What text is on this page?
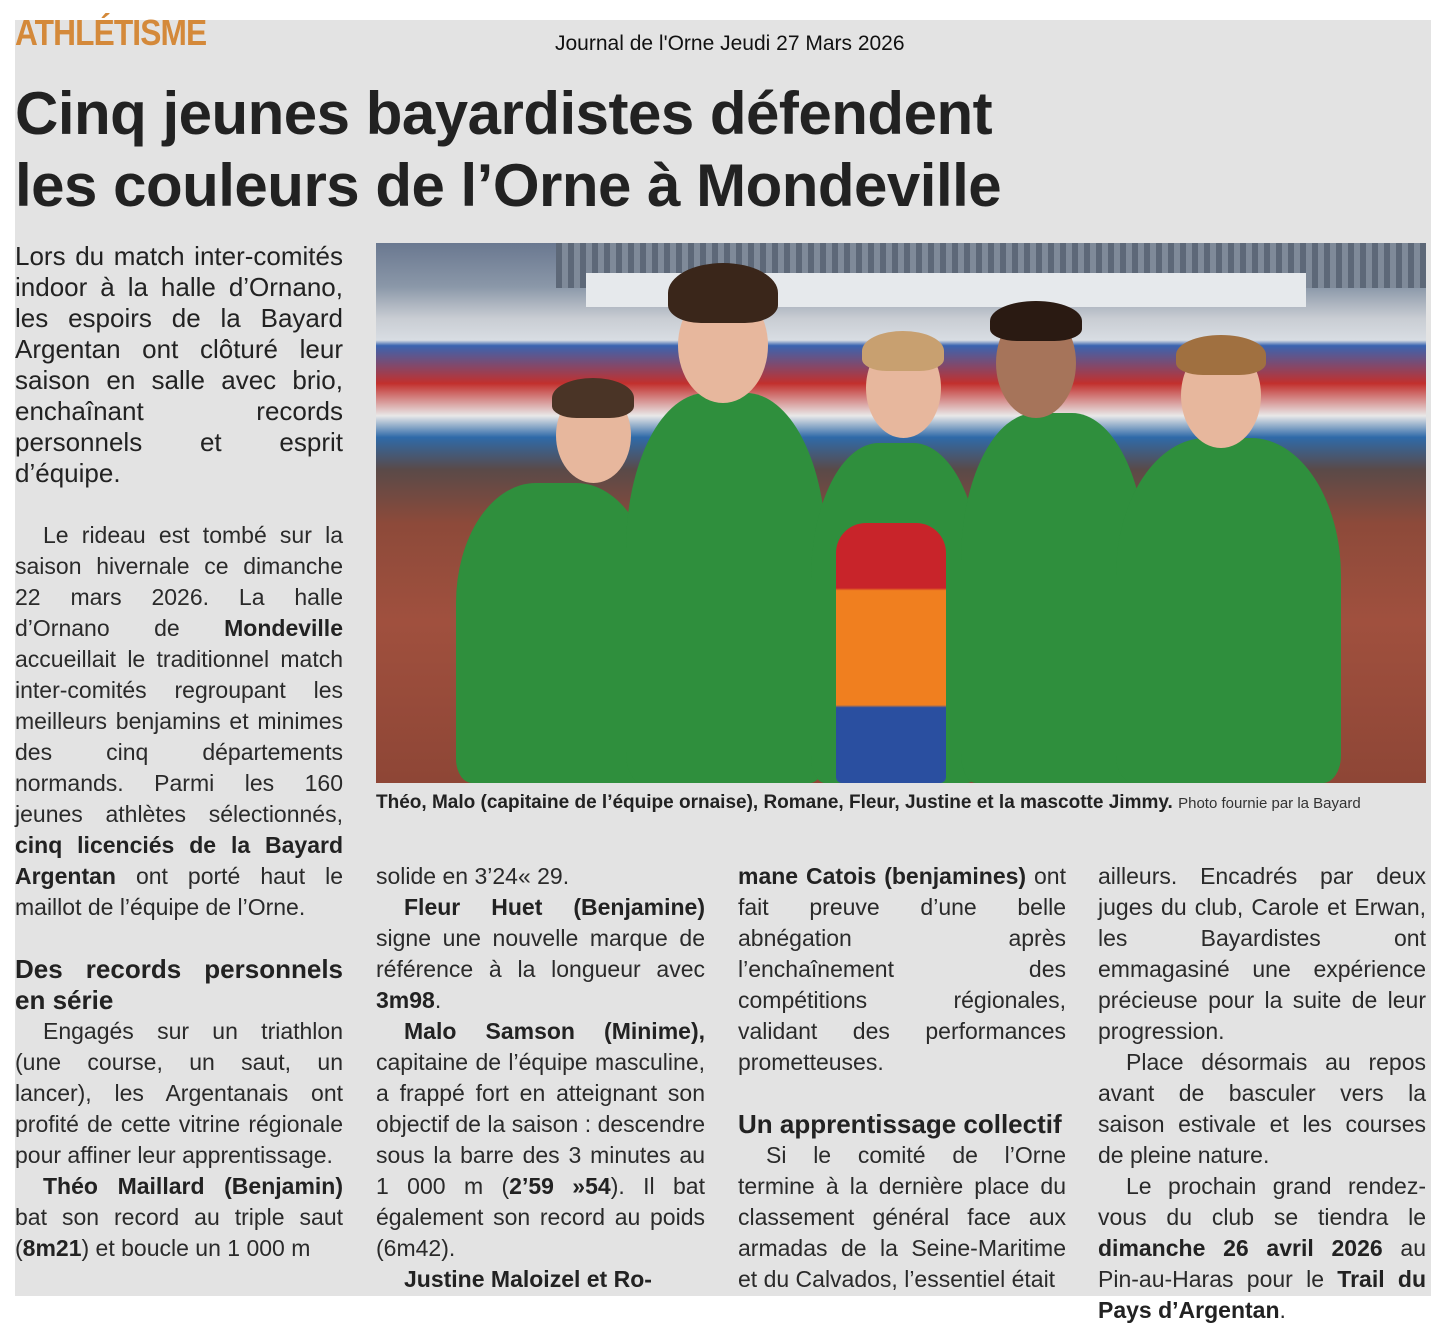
ATHLÉTISME	Journal de l'Orne Jeudi 27 Mars 2026
Cinq jeunes bayardistes défendent
les couleurs de l’Orne à Mondeville
Théo, Malo (capitaine de l’équipe ornaise), Romane, Fleur, Justine et la mascotte Jimmy. Photo fournie par la Bayard

Lors du match inter-comités indoor à la halle d’Ornano, les espoirs de la Bayard Argentan ont clôturé leur saison en salle avec brio, enchaînant records personnels et esprit d’équipe.

Le rideau est tombé sur la saison hivernale ce dimanche 22 mars 2026. La halle d’Ornano de Mondeville accueillait le traditionnel match inter-comités regroupant les meilleurs benjamins et minimes des cinq départements normands. Parmi les 160 jeunes athlètes sélectionnés, cinq licenciés de la Bayard Argentan ont porté haut le maillot de l’équipe de l’Orne.

Des records personnels en série

Engagés sur un triathlon (une course, un saut, un lancer), les Argentanais ont profité de cette vitrine régionale pour affiner leur apprentissage.

Théo Maillard (Benjamin) bat son record au triple saut (8m21) et boucle un 1 000 m

solide en 3’24« 29.

Fleur Huet (Benjamine) signe une nouvelle marque de référence à la longueur avec 3m98.

Malo Samson (Minime), capitaine de l’équipe masculine, a frappé fort en atteignant son objectif de la saison : descendre sous la barre des 3 minutes au 1 000 m (2’59 »54). Il bat également son record au poids (6m42).

Justine Maloizel et Ro-

mane Catois (benjamines) ont fait preuve d’une belle abnégation après l’enchaînement des compétitions régionales, validant des performances prometteuses.

Un apprentissage collectif

Si le comité de l’Orne termine à la dernière place du classement général face aux armadas de la Seine-Maritime et du Calvados, l’essentiel était

ailleurs. Encadrés par deux juges du club, Carole et Erwan, les Bayardistes ont emmagasiné une expérience précieuse pour la suite de leur progression.

Place désormais au repos avant de basculer vers la saison estivale et les courses de pleine nature.

Le prochain grand rendez-vous du club se tiendra le dimanche 26 avril 2026 au Pin-au-Haras pour le Trail du Pays d’Argentan.
